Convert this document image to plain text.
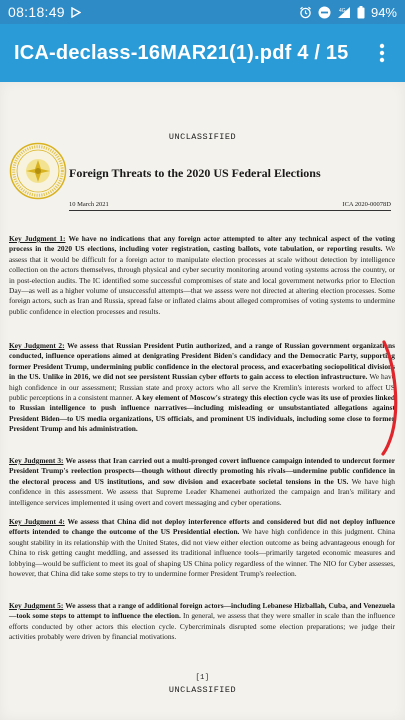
08:18:49	4G 94%
ICA-declass-16MAR21(1).pdf 4 / 15
UNCLASSIFIED
Foreign Threats to the 2020 US Federal Elections
10 March 2021	ICA 2020-00078D
Key Judgment 1: We have no indications that any foreign actor attempted to alter any technical aspect of the voting process in the 2020 US elections, including voter registration, casting ballots, vote tabulation, or reporting results. We assess that it would be difficult for a foreign actor to manipulate election processes at scale without detection by intelligence collection on the actors themselves, through physical and cyber security monitoring around voting systems across the country, or in post-election audits. The IC identified some successful compromises of state and local government networks prior to Election Day—as well as a higher volume of unsuccessful attempts—that we assess were not directed at altering election processes. Some foreign actors, such as Iran and Russia, spread false or inflated claims about alleged compromises of voting systems to undermine public confidence in election processes and results.
Key Judgment 2: We assess that Russian President Putin authorized, and a range of Russian government organizations conducted, influence operations aimed at denigrating President Biden's candidacy and the Democratic Party, supporting former President Trump, undermining public confidence in the electoral process, and exacerbating sociopolitical divisions in the US. Unlike in 2016, we did not see persistent Russian cyber efforts to gain access to election infrastructure. We have high confidence in our assessment; Russian state and proxy actors who all serve the Kremlin's interests worked to affect US public perceptions in a consistent manner. A key element of Moscow's strategy this election cycle was its use of proxies linked to Russian intelligence to push influence narratives—including misleading or unsubstantiated allegations against President Biden—to US media organizations, US officials, and prominent US individuals, including some close to former President Trump and his administration.
Key Judgment 3: We assess that Iran carried out a multi-pronged covert influence campaign intended to undercut former President Trump's reelection prospects—though without directly promoting his rivals—undermine public confidence in the electoral process and US institutions, and sow division and exacerbate societal tensions in the US. We have high confidence in this assessment. We assess that Supreme Leader Khamenei authorized the campaign and Iran's military and intelligence services implemented it using overt and covert messaging and cyber operations.
Key Judgment 4: We assess that China did not deploy interference efforts and considered but did not deploy influence efforts intended to change the outcome of the US Presidential election. We have high confidence in this judgment. China sought stability in its relationship with the United States, did not view either election outcome as being advantageous enough for China to risk getting caught meddling, and assessed its traditional influence tools—primarily targeted economic measures and lobbying—would be sufficient to meet its goal of shaping US China policy regardless of the winner. The NIO for Cyber assesses, however, that China did take some steps to try to undermine former President Trump's reelection.
Key Judgment 5: We assess that a range of additional foreign actors—including Lebanese Hizballah, Cuba, and Venezuela—took some steps to attempt to influence the election. In general, we assess that they were smaller in scale than the influence efforts conducted by other actors this election cycle. Cybercriminals disrupted some election preparations; we judge their activities probably were driven by financial motivations.
[1]
UNCLASSIFIED
